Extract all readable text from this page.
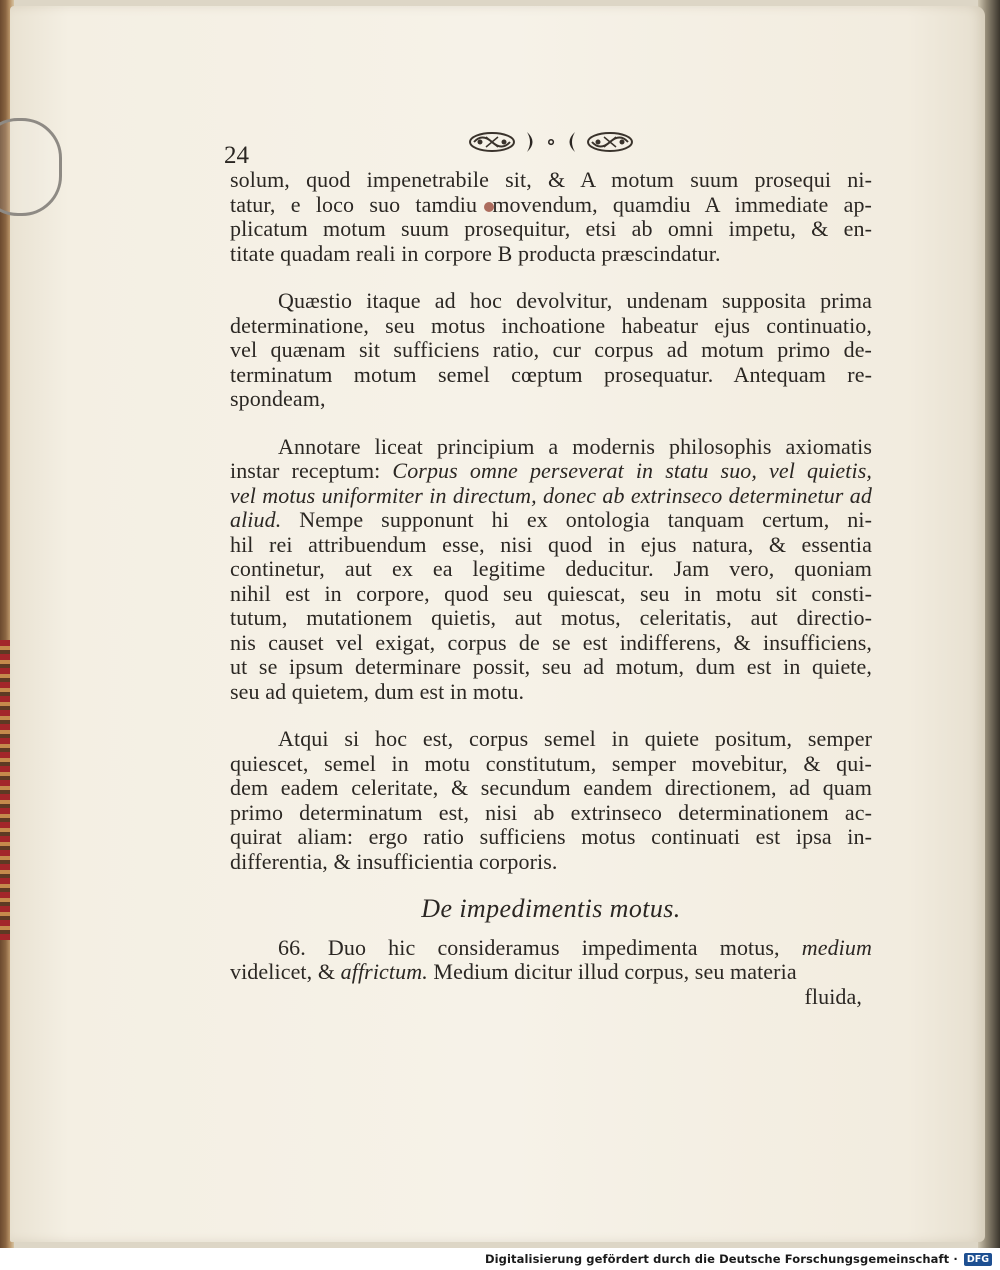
∘
24
solum, quod impenetrabile sit, & A motum suum prosequi ni-
tatur, e loco suo tamdiu movendum, quamdiu A immediate ap-
plicatum motum suum prosequitur, etsi ab omni impetu, & en-
titate quadam reali in corpore B producta præscindatur.
Quæstio itaque ad hoc devolvitur, undenam supposita prima
determinatione, seu motus inchoatione habeatur ejus continuatio,
vel quænam sit sufficiens ratio, cur corpus ad motum primo de-
terminatum motum semel cœptum prosequatur. Antequam re-
spondeam,
Annotare liceat principium a modernis philosophis axiomatis
instar receptum: Corpus omne perseverat in statu suo, vel quietis,
vel motus uniformiter in directum, donec ab extrinseco determinetur ad
aliud. Nempe supponunt hi ex ontologia tanquam certum, ni-
hil rei attribuendum esse, nisi quod in ejus natura, & essentia
continetur, aut ex ea legitime deducitur. Jam vero, quoniam
nihil est in corpore, quod seu quiescat, seu in motu sit consti-
tutum, mutationem quietis, aut motus, celeritatis, aut directio-
nis causet vel exigat, corpus de se est indifferens, & insufficiens,
ut se ipsum determinare possit, seu ad motum, dum est in quiete,
seu ad quietem, dum est in motu.
Atqui si hoc est, corpus semel in quiete positum, semper
quiescet, semel in motu constitutum, semper movebitur, & qui-
dem eadem celeritate, & secundum eandem directionem, ad quam
primo determinatum est, nisi ab extrinseco determinationem ac-
quirat aliam: ergo ratio sufficiens motus continuati est ipsa in-
differentia, & insufficientia corporis.
De impedimentis motus.
66. Duo hic consideramus impedimenta motus, medium
videlicet, & affrictum. Medium dicitur illud corpus, seu materia
fluida,
Digitalisierung gefördert durch die Deutsche Forschungsgemeinschaft · DFG
